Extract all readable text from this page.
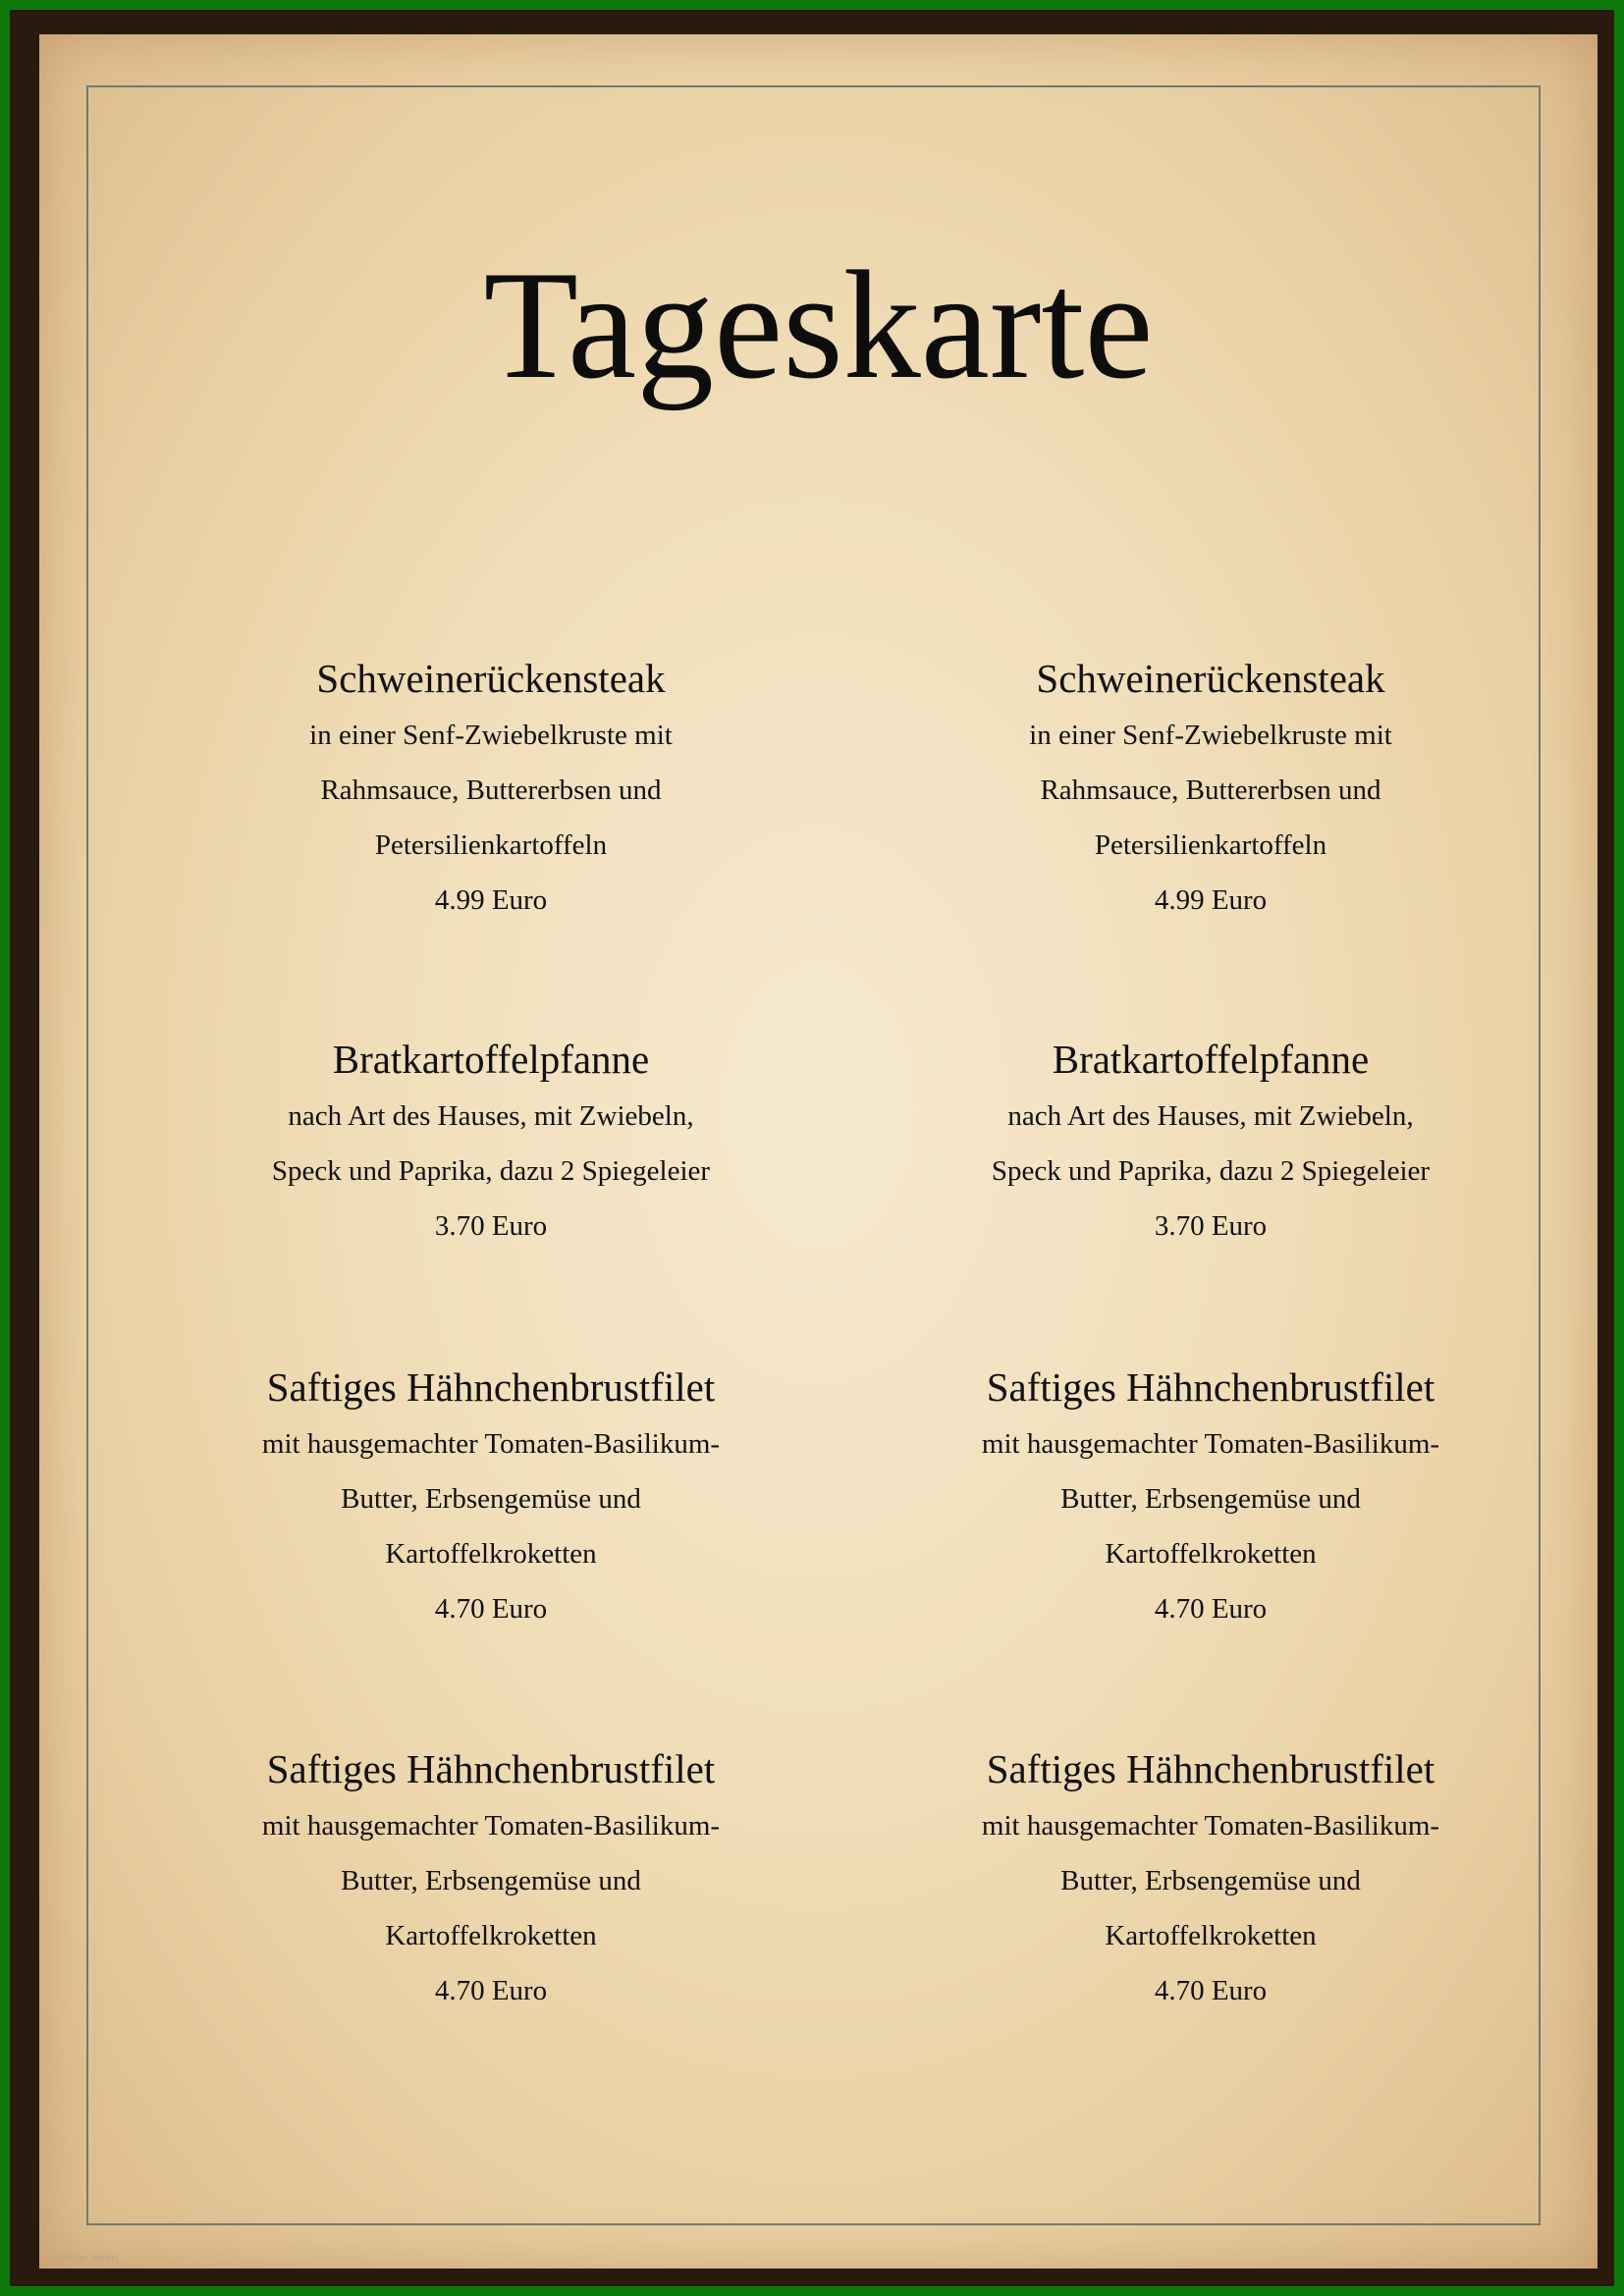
Tageskarte
Schweinerückensteak
in einer Senf-Zwiebelkruste mit
Rahmsauce, Buttererbsen und
Petersilienkartoffeln
4.99 Euro
Schweinerückensteak
in einer Senf-Zwiebelkruste mit
Rahmsauce, Buttererbsen und
Petersilienkartoffeln
4.99 Euro
Bratkartoffelpfanne
nach Art des Hauses, mit Zwiebeln,
Speck und Paprika, dazu 2 Spiegeleier
3.70 Euro
Bratkartoffelpfanne
nach Art des Hauses, mit Zwiebeln,
Speck und Paprika, dazu 2 Spiegeleier
3.70 Euro
Saftiges Hähnchenbrustfilet
mit hausgemachter Tomaten-Basilikum-
Butter, Erbsengemüse und
Kartoffelkroketten
4.70 Euro
Saftiges Hähnchenbrustfilet
mit hausgemachter Tomaten-Basilikum-
Butter, Erbsengemüse und
Kartoffelkroketten
4.70 Euro
Saftiges Hähnchenbrustfilet
mit hausgemachter Tomaten-Basilikum-
Butter, Erbsengemüse und
Kartoffelkroketten
4.70 Euro
Saftiges Hähnchenbrustfilet
mit hausgemachter Tomaten-Basilikum-
Butter, Erbsengemüse und
Kartoffelkroketten
4.70 Euro
Vorlage Ideen
